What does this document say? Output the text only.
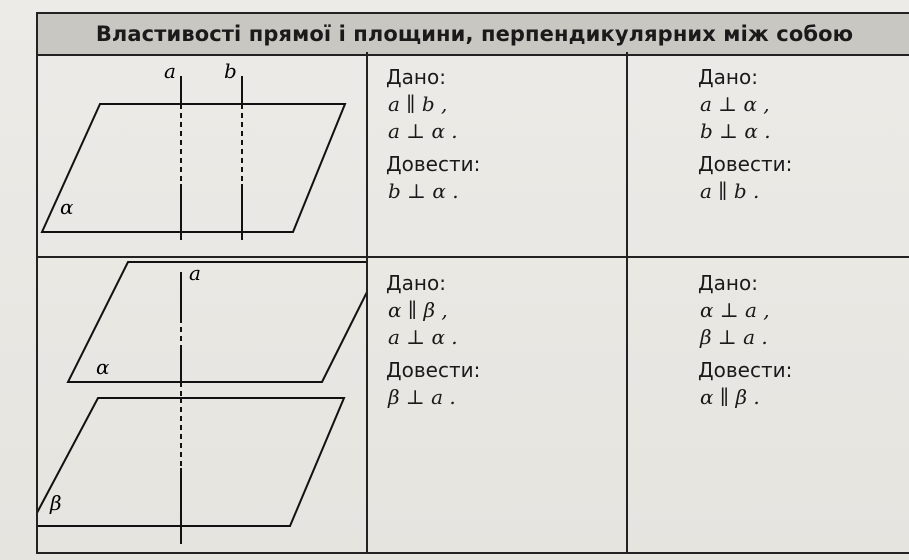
Властивості прямої і площини, перпендикулярних між собою
a b
α
a
α
β
Дано:
a ∥ b ,
a ⊥ α .
Довести:
b ⊥ α .
Дано:
a ⊥ α ,
b ⊥ α .
Довести:
a ∥ b .
Дано:
α ∥ β ,
a ⊥ α .
Довести:
β ⊥ a .
Дано:
α ⊥ a ,
β ⊥ a .
Довести:
α ∥ β .
